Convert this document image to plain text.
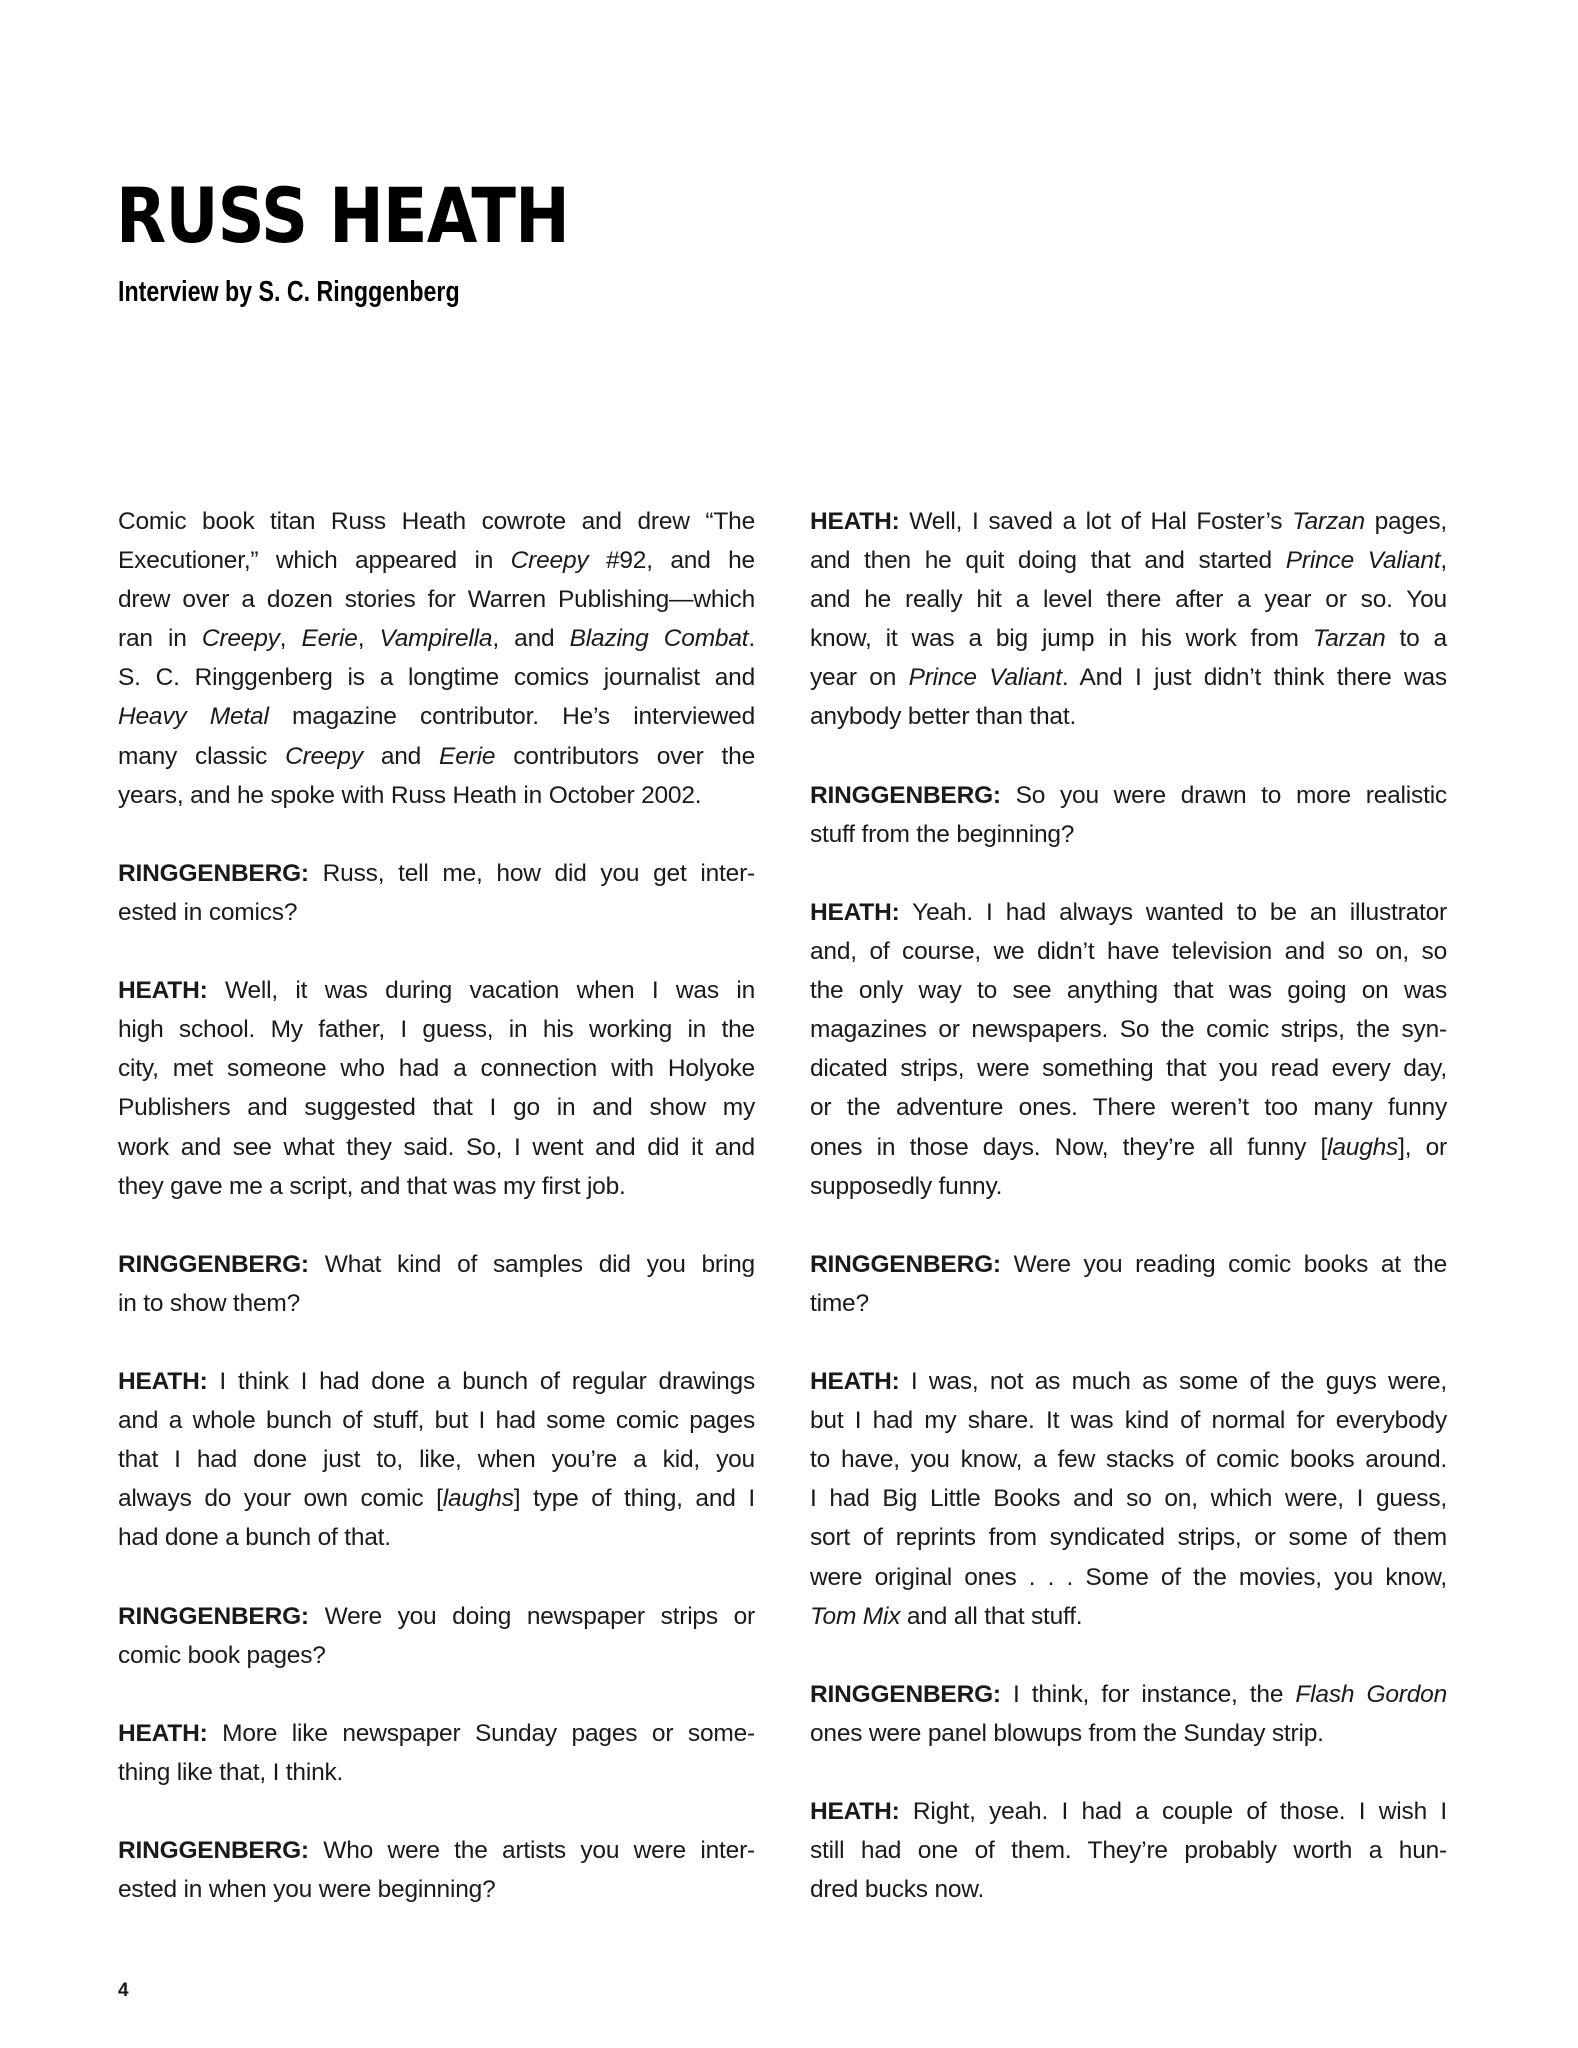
RUSS HEATH
Interview by S. C. Ringgenberg
Comic book titan Russ Heath cowrote and drew “The
Executioner,” which appeared in Creepy #92, and he
drew over a dozen stories for Warren Publishing—which
ran in Creepy, Eerie, Vampirella, and Blazing Combat.
S. C. Ringgenberg is a longtime comics journalist and
Heavy Metal magazine contributor. He’s interviewed
many classic Creepy and Eerie contributors over the
years, and he spoke with Russ Heath in October 2002.
RINGGENBERG: Russ, tell me, how did you get inter-
ested in comics?
HEATH: Well, it was during vacation when I was in
high school. My father, I guess, in his working in the
city, met someone who had a connection with Holyoke
Publishers and suggested that I go in and show my
work and see what they said. So, I went and did it and
they gave me a script, and that was my first job.
RINGGENBERG: What kind of samples did you bring
in to show them?
HEATH: I think I had done a bunch of regular drawings
and a whole bunch of stuff, but I had some comic pages
that I had done just to, like, when you’re a kid, you
always do your own comic [laughs] type of thing, and I
had done a bunch of that.
RINGGENBERG: Were you doing newspaper strips or
comic book pages?
HEATH: More like newspaper Sunday pages or some-
thing like that, I think.
RINGGENBERG: Who were the artists you were inter-
ested in when you were beginning?
HEATH: Well, I saved a lot of Hal Foster’s Tarzan pages,
and then he quit doing that and started Prince Valiant,
and he really hit a level there after a year or so. You
know, it was a big jump in his work from Tarzan to a
year on Prince Valiant. And I just didn’t think there was
anybody better than that.
RINGGENBERG: So you were drawn to more realistic
stuff from the beginning?
HEATH: Yeah. I had always wanted to be an illustrator
and, of course, we didn’t have television and so on, so
the only way to see anything that was going on was
magazines or newspapers. So the comic strips, the syn-
dicated strips, were something that you read every day,
or the adventure ones. There weren’t too many funny
ones in those days. Now, they’re all funny [laughs], or
supposedly funny.
RINGGENBERG: Were you reading comic books at the
time?
HEATH: I was, not as much as some of the guys were,
but I had my share. It was kind of normal for everybody
to have, you know, a few stacks of comic books around.
I had Big Little Books and so on, which were, I guess,
sort of reprints from syndicated strips, or some of them
were original ones . . . Some of the movies, you know,
Tom Mix and all that stuff.
RINGGENBERG: I think, for instance, the Flash Gordon
ones were panel blowups from the Sunday strip.
HEATH: Right, yeah. I had a couple of those. I wish I
still had one of them. They’re probably worth a hun-
dred bucks now.
4
